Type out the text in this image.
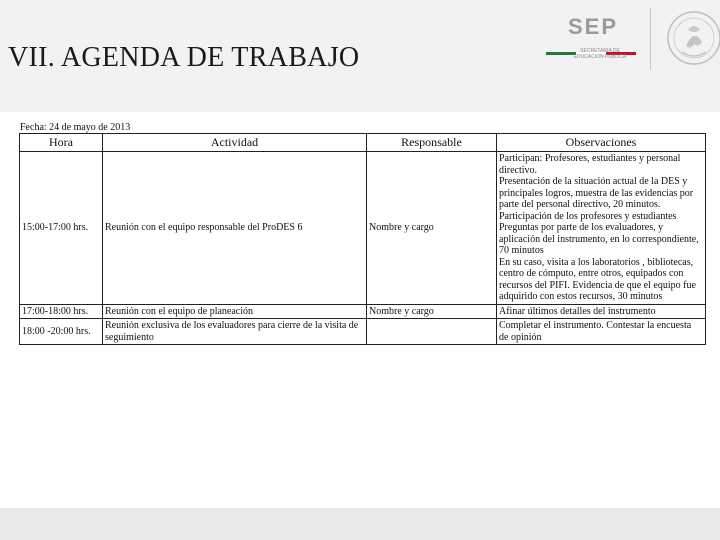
VII. AGENDA DE TRABAJO
SEP
SECRETARÍA DE
EDUCACIÓN PÚBLICA
Fecha: 24 de mayo de 2013
Hora	Actividad	Responsable	Observaciones
15:00-17:00 hrs.	Reunión con el equipo responsable del ProDES 6	Nombre y cargo	Participan: Profesores, estudiantes y personal directivo.
Presentación de la situación actual de la DES y principales logros, muestra de las evidencias por parte del personal directivo, 20 minutos.
Participación de los profesores y estudiantes
Preguntas por parte de los evaluadores, y aplicación del instrumento, en lo correspondiente, 70 minutos
En su caso, visita a los laboratorios , bibliotecas, centro de cómputo, entre otros, equipados con recursos del PIFI. Evidencia de que el equipo fue adquirido con estos recursos, 30 minutos

17:00-18:00 hrs.	Reunión con el equipo de planeación	Nombre y cargo	Afinar últimos detalles del instrumento

18:00 -20:00 hrs.	Reunión exclusiva de los evaluadores para cierre de la visita de seguimiento		Completar el instrumento. Contestar la encuesta de opinión
